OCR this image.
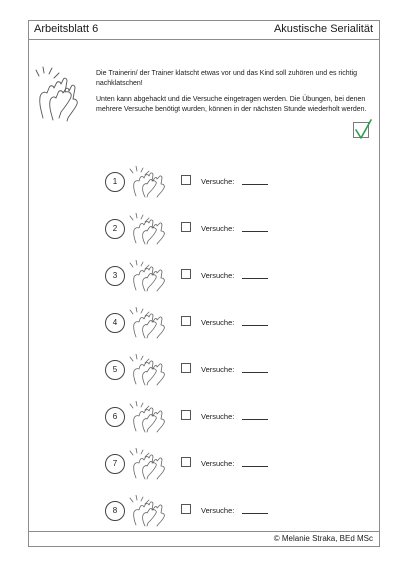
Arbeitsblatt 6	Akustische Serialität

Die Trainerin/ der Trainer klatscht etwas vor und das Kind soll zuhören und es richtig nachklatschen!

Unten kann abgehackt und die Versuche eingetragen werden. Die Übungen, bei denen mehrere Versuche benötigt wurden, können in der nächsten Stunde wiederholt werden.

1	Versuche:
2	Versuche:
3	Versuche:
4	Versuche:
5	Versuche:
6	Versuche:
7	Versuche:
8	Versuche:
© Melanie Straka, BEd MSc
